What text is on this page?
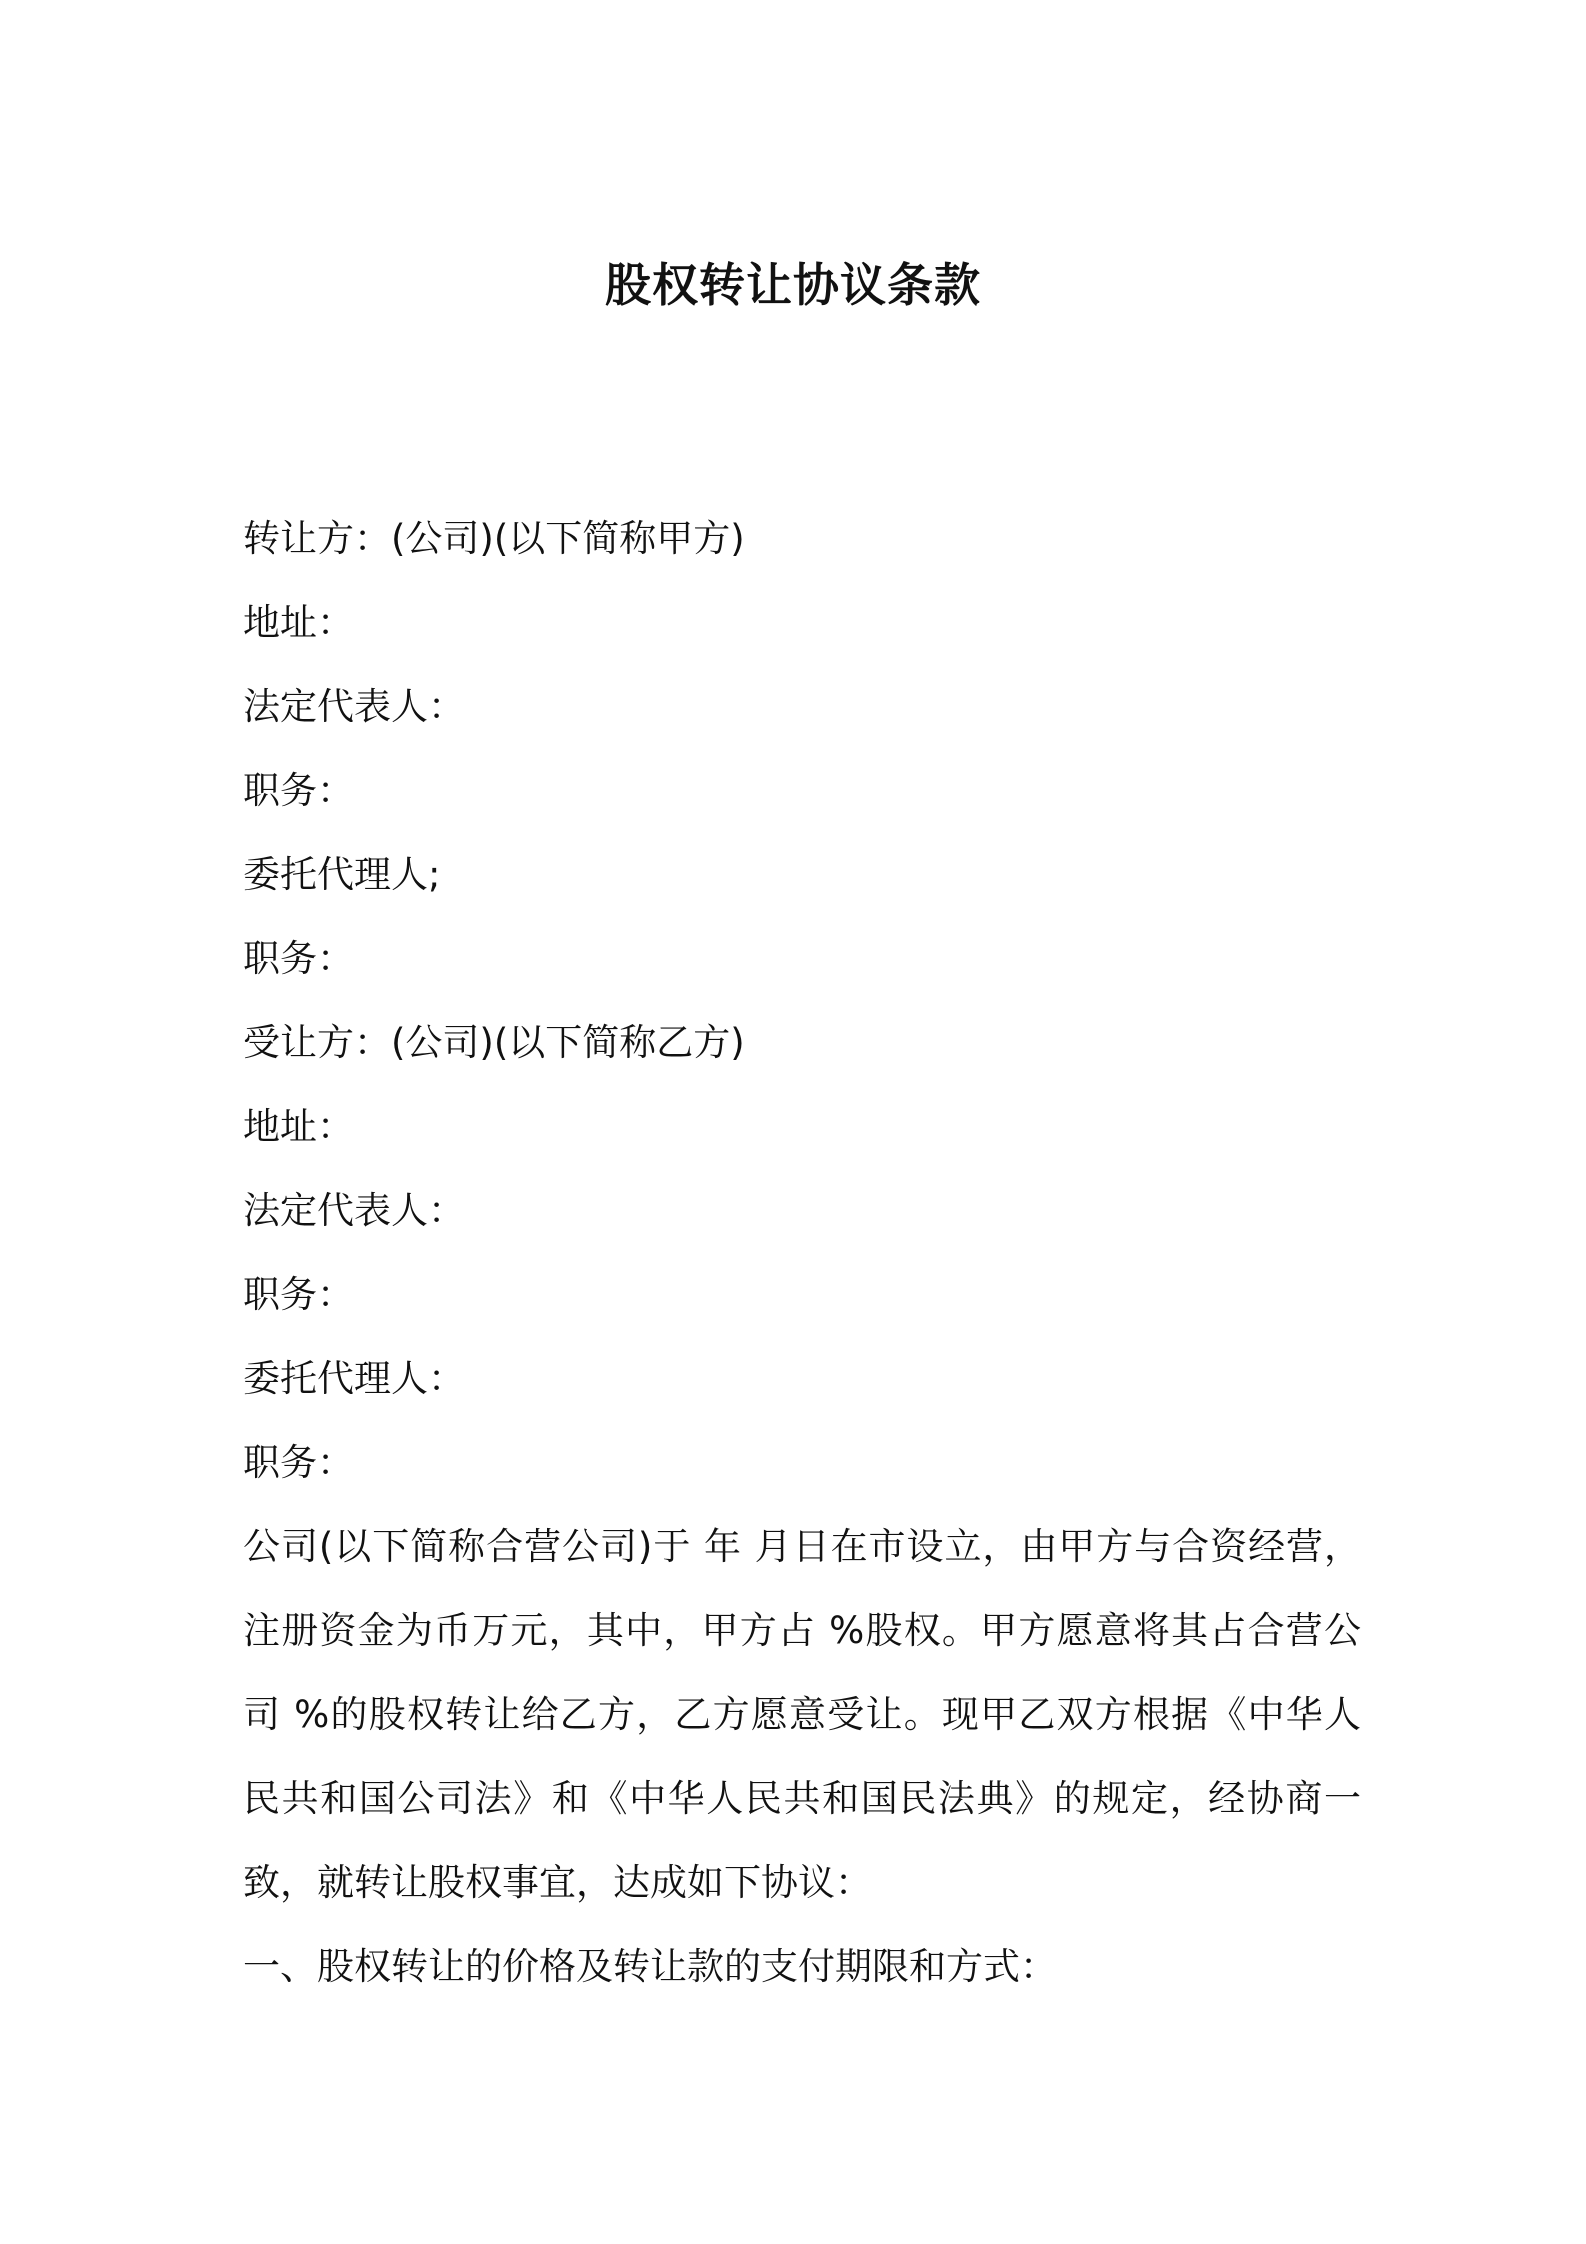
股权转让协议条款

转让方：(公司)(以下简称甲方)

地址：

法定代表人：

职务：

委托代理人;

职务：

受让方：(公司)(以下简称乙方)

地址：

法定代表人：

职务：

委托代理人：

职务：

公司(以下简称合营公司)于 年 月日在市设立，由甲方与合资经营，注册资金为币万元，其中，甲方占 %股权。甲方愿意将其占合营公司 %的股权转让给乙方，乙方愿意受让。现甲乙双方根据《中华人民共和国公司法》和《中华人民共和国民法典》的规定，经协商一致，就转让股权事宜，达成如下协议：

一、股权转让的价格及转让款的支付期限和方式：
